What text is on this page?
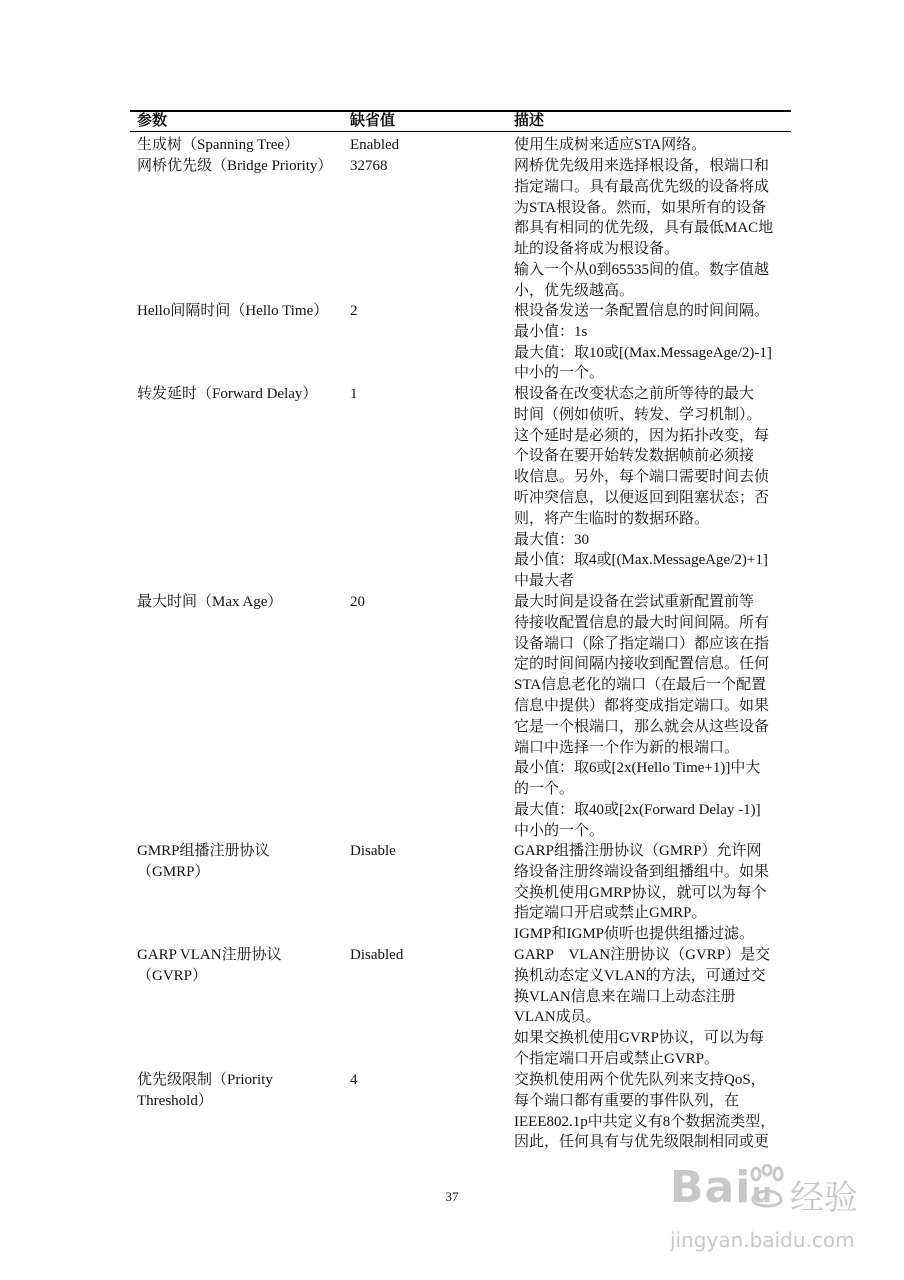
参数	缺省值	描述
生成树（Spanning Tree）	Enabled	使用生成树来适应STA网络。
网桥优先级（Bridge Priority）	32768	网桥优先级用来选择根设备，根端口和
指定端口。具有最高优先级的设备将成
为STA根设备。然而，如果所有的设备
都具有相同的优先级，具有最低MAC地
址的设备将成为根设备。
输入一个从0到65535间的值。数字值越
小，优先级越高。
Hello间隔时间（Hello Time）	2	根设备发送一条配置信息的时间间隔。
最小值：1s
最大值：取10或[(Max.MessageAge/2)-1]
中小的一个。
转发延时（Forward Delay）	1	根设备在改变状态之前所等待的最大
时间（例如侦听、转发、学习机制）。
这个延时是必须的，因为拓扑改变，每
个设备在要开始转发数据帧前必须接
收信息。另外，每个端口需要时间去侦
听冲突信息，以便返回到阻塞状态；否
则，将产生临时的数据环路。
最大值：30
最小值：取4或[(Max.MessageAge/2)+1]
中最大者
最大时间（Max Age）	20	最大时间是设备在尝试重新配置前等
待接收配置信息的最大时间间隔。所有
设备端口（除了指定端口）都应该在指
定的时间间隔内接收到配置信息。任何
STA信息老化的端口（在最后一个配置
信息中提供）都将变成指定端口。如果
它是一个根端口，那么就会从这些设备
端口中选择一个作为新的根端口。
最小值：取6或[2x(Hello Time+1)]中大
的一个。
最大值：取40或[2x(Forward Delay -1)]
中小的一个。
GMRP组播注册协议
（GMRP）
Disable	GARP组播注册协议（GMRP）允许网
络设备注册终端设备到组播组中。如果
交换机使用GMRP协议，就可以为每个
指定端口开启或禁止GMRP。
IGMP和IGMP侦听也提供组播过滤。
GARP VLAN注册协议
（GVRP）
Disabled	GARP　VLAN注册协议（GVRP）是交
换机动态定义VLAN的方法，可通过交
换VLAN信息来在端口上动态注册
VLAN成员。
如果交换机使用GVRP协议，可以为每
个指定端口开启或禁止GVRP。
优先级限制（Priority
Threshold）
4	交换机使用两个优先队列来支持QoS，
每个端口都有重要的事件队列，在
IEEE802.1p中共定义有8个数据流类型，
因此，任何具有与优先级限制相同或更
37	Bai 经验
jingyan.baidu.com
u
